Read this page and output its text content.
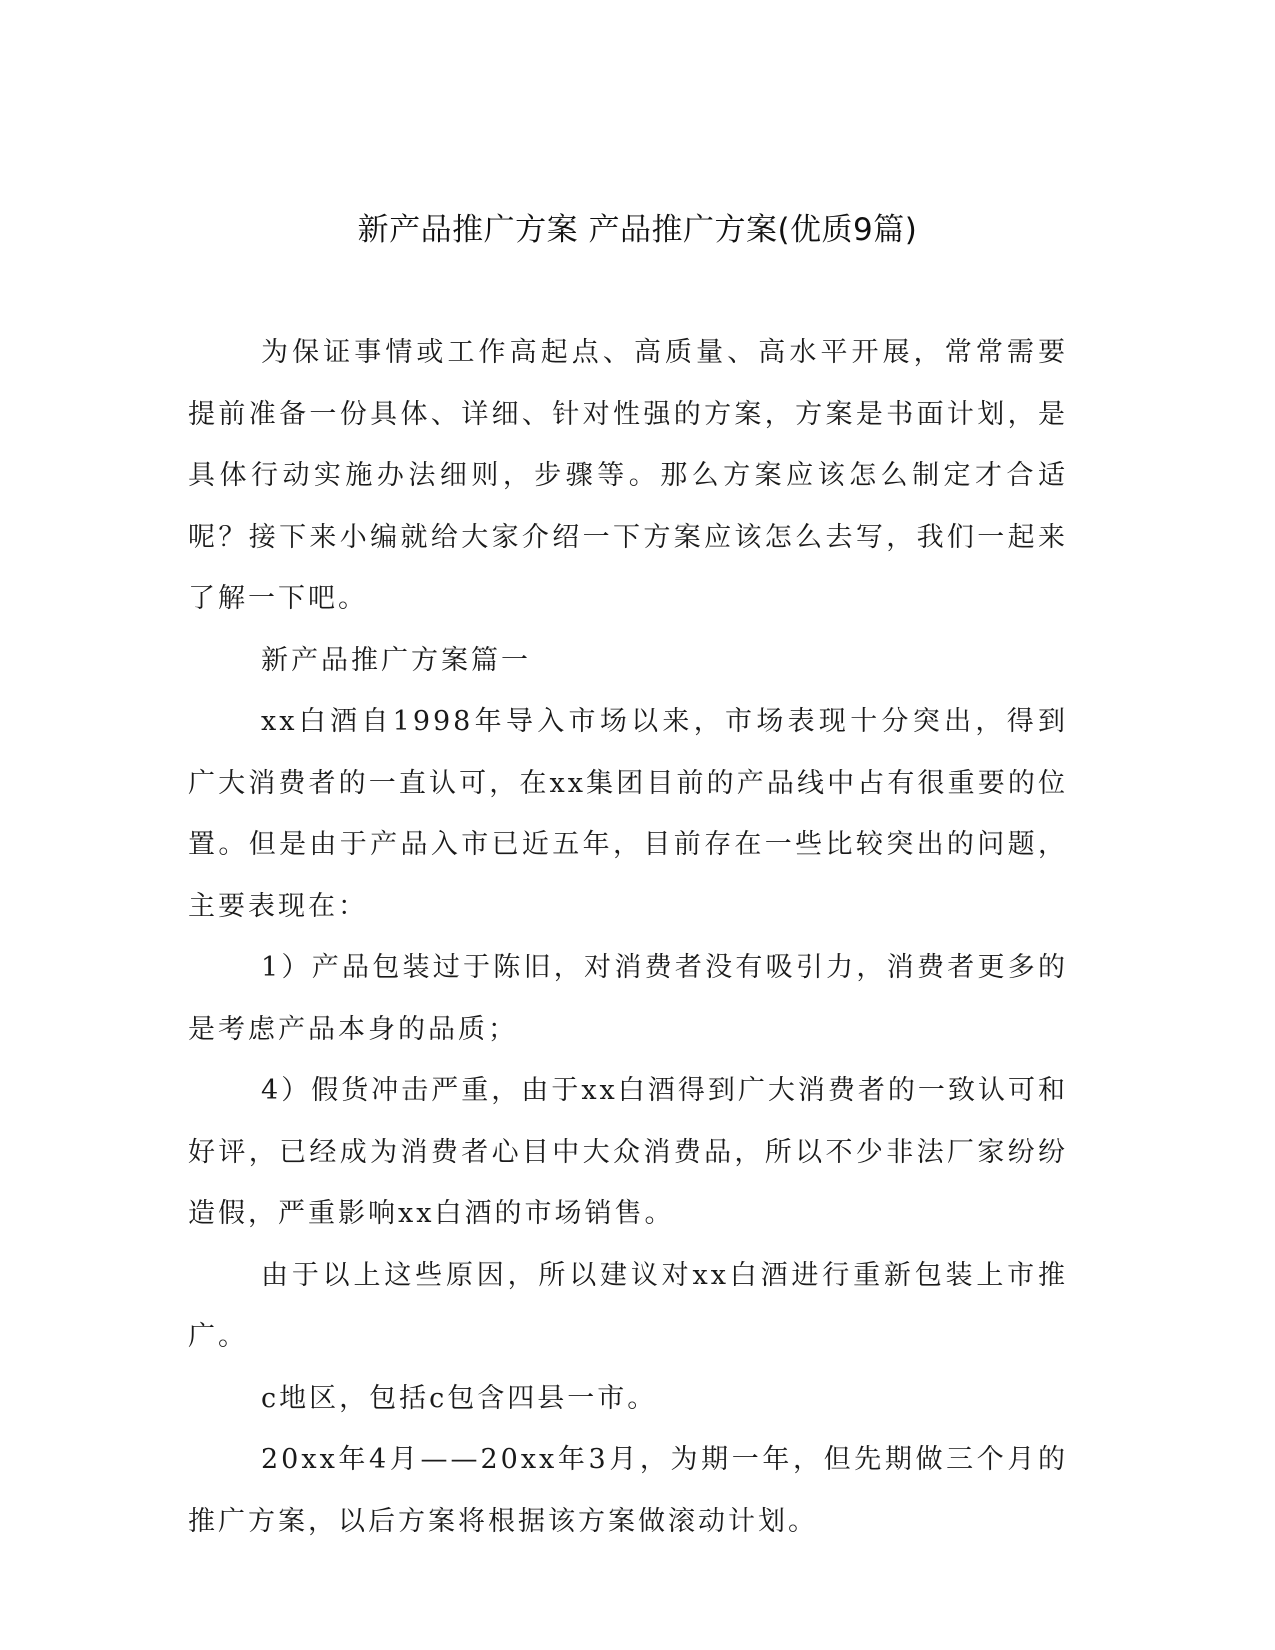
新产品推广方案 产品推广方案(优质9篇)

为保证事情或工作高起点、高质量、高水平开展，常常需要提前准备一份具体、详细、针对性强的方案，方案是书面计划，是具体行动实施办法细则，步骤等。那么方案应该怎么制定才合适呢？接下来小编就给大家介绍一下方案应该怎么去写，我们一起来了解一下吧。

新产品推广方案篇一

xx白酒自1998年导入市场以来，市场表现十分突出，得到广大消费者的一直认可，在xx集团目前的产品线中占有很重要的位置。但是由于产品入市已近五年，目前存在一些比较突出的问题，主要表现在：

1）产品包装过于陈旧，对消费者没有吸引力，消费者更多的是考虑产品本身的品质；

4）假货冲击严重，由于xx白酒得到广大消费者的一致认可和好评，已经成为消费者心目中大众消费品，所以不少非法厂家纷纷造假，严重影响xx白酒的市场销售。

由于以上这些原因，所以建议对xx白酒进行重新包装上市推广。

c地区，包括c包含四县一市。

20xx年4月——20xx年3月，为期一年，但先期做三个月的推广方案，以后方案将根据该方案做滚动计划。
